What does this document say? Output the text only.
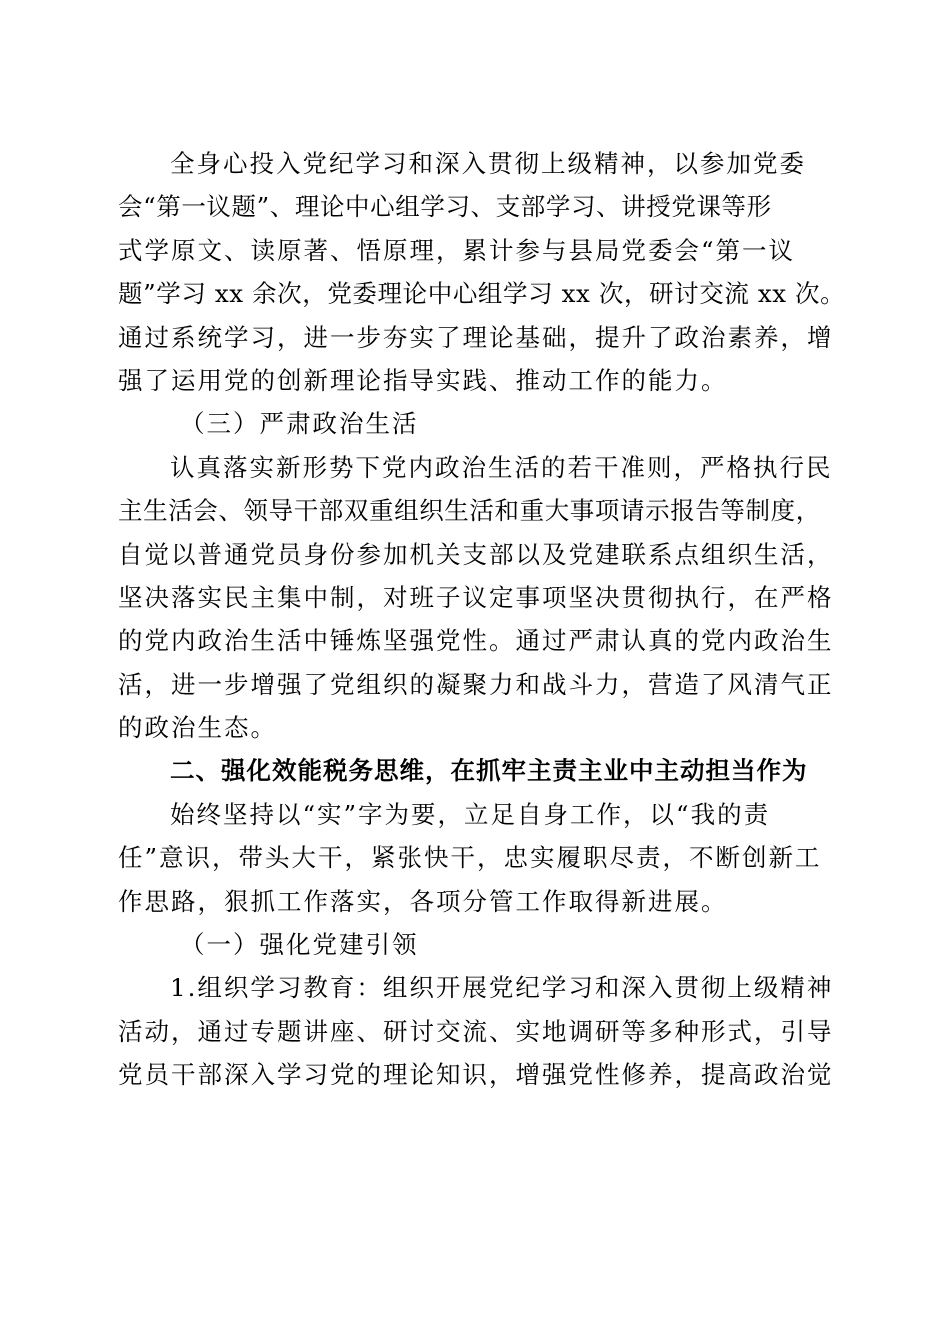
全身心投入党纪学习和深入贯彻上级精神，以参加党委
会“第一议题”、理论中心组学习、支部学习、讲授党课等形
式学原文、读原著、悟原理，累计参与县局党委会“第一议
题”学习 xx 余次，党委理论中心组学习 xx 次，研讨交流 xx 次。
通过系统学习，进一步夯实了理论基础，提升了政治素养，增
强了运用党的创新理论指导实践、推动工作的能力。
（三）严肃政治生活
认真落实新形势下党内政治生活的若干准则，严格执行民
主生活会、领导干部双重组织生活和重大事项请示报告等制度，
自觉以普通党员身份参加机关支部以及党建联系点组织生活，
坚决落实民主集中制，对班子议定事项坚决贯彻执行，在严格
的党内政治生活中锤炼坚强党性。通过严肃认真的党内政治生
活，进一步增强了党组织的凝聚力和战斗力，营造了风清气正
的政治生态。
二、强化效能税务思维，在抓牢主责主业中主动担当作为
始终坚持以“实”字为要，立足自身工作，以“我的责
任”意识，带头大干，紧张快干，忠实履职尽责，不断创新工
作思路，狠抓工作落实，各项分管工作取得新进展。
（一）强化党建引领
1.组织学习教育：组织开展党纪学习和深入贯彻上级精神
活动，通过专题讲座、研讨交流、实地调研等多种形式，引导
党员干部深入学习党的理论知识，增强党性修养，提高政治觉
